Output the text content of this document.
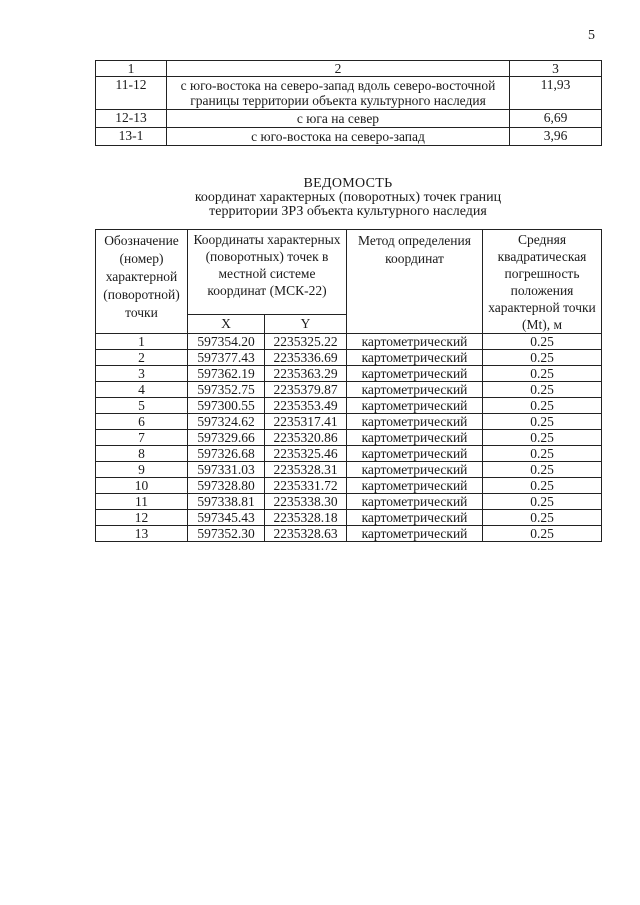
5
1	2	3
11-12	с юго-востока на северо-запад вдоль северо-восточной границы территории объекта культурного наследия	11,93
12-13	с юга на север	6,69
13-1	с юго-востока на северо-запад	3,96
ВЕДОМОСТЬ
координат характерных (поворотных) точек границ
территории ЗРЗ объекта культурного наследия
Обозначение (номер) характерной (поворотной) точки	Координаты характерных (поворотных) точек в местной системе координат (МСК-22)		Метод определения координат	Средняя квадратическая погрешность положения характерной точки (Mt), м
	X	Y		
1	597354.20	2235325.22	картометрический	0.25
2	597377.43	2235336.69	картометрический	0.25
3	597362.19	2235363.29	картометрический	0.25
4	597352.75	2235379.87	картометрический	0.25
5	597300.55	2235353.49	картометрический	0.25
6	597324.62	2235317.41	картометрический	0.25
7	597329.66	2235320.86	картометрический	0.25
8	597326.68	2235325.46	картометрический	0.25
9	597331.03	2235328.31	картометрический	0.25
10	597328.80	2235331.72	картометрический	0.25
11	597338.81	2235338.30	картометрический	0.25
12	597345.43	2235328.18	картометрический	0.25
13	597352.30	2235328.63	картометрический	0.25
